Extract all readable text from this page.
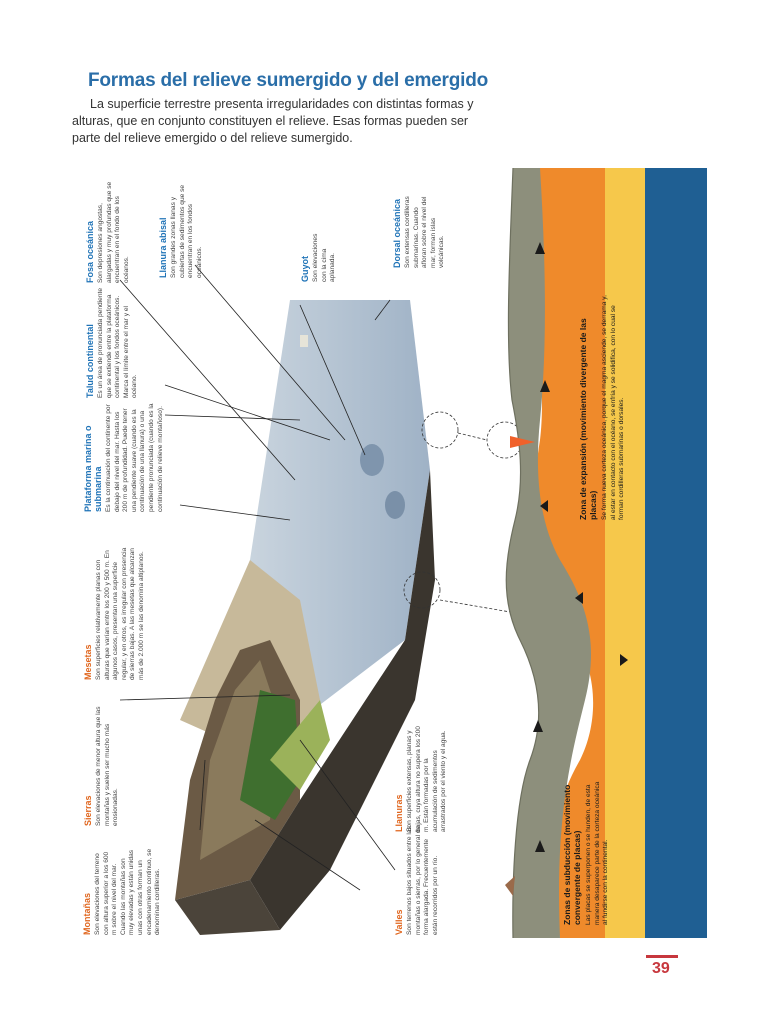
Formas del relieve sumergido y del emergido
La superficie terrestre presenta irregularidades con distintas formas y alturas, que en conjunto constituyen el relieve. Esas formas pueden ser parte del relieve emergido o del relieve sumergido.
Montañas Son elevaciones del terreno con altura superior a los 600 m sobre el nivel del mar. Cuando las montañas son muy elevadas y están unidas unas con otras forman un encadenamiento continuo, se denominan cordilleras.
Sierras Son elevaciones de menor altura que las montañas y suelen ser mucho más erosionadas.
Mesetas Son superficies relativamente planas con alturas que varían entre los 200 y 500 m. En algunos casos, presentan una superficie regular, y en otros, es irregular con presencia de sierras bajas. A las mesetas que alcanzan más de 2.000 m se las denomina altiplanos.
Plataforma marina o submarina Es la continuación del continente por debajo del nivel del mar. Hasta los 200 m de profundidad. Puede tener una pendiente suave (cuando es la continuación de una llanura) o una pendiente pronunciada (cuando es la continuación de relieve montañoso).
Talud continental Es un área de pronunciada pendiente que se extiende entre la plataforma continental y los fondos oceánicos. Marca el límite entre el mar y el océano.
Fosa oceánica Son depresiones angostas, alargadas y muy profundas que se encuentran en el fondo de los océanos.	Llanura abisal Son grandes zonas llanas y cubiertas de sedimentos que se encuentran en los fondos oceánicos.	Guyot Son elevaciones con la cima aplanada.	Dorsal oceánica Son extensas cordilleras submarinas. Cuando afloran sobre el nivel del mar, forman islas volcánicas.
Valles Son terrenos bajos situados entre las montañas o sierras, por lo general de forma alargada. Frecuentemente están recorridos por un río.
Llanuras Son superficies extensas, planas y bajas, cuya altura no supera los 200 m. Están formadas por la acumulación de sedimentos arrastrados por el viento y el agua.
Zonas de subducción (movimiento convergente de placas) Las placas se superponen o se hunden, de esta manera desaparece parte de la corteza oceánica al fundirse con la continental.
Zona de expansión (movimiento divergente de las placas) Se forma nueva corteza oceánica, porque el magma asciende, se derrama y, al estar en contacto con el océano, se enfría y se solidifica, con lo cual se forman cordilleras submarinas o dorsales.
39
